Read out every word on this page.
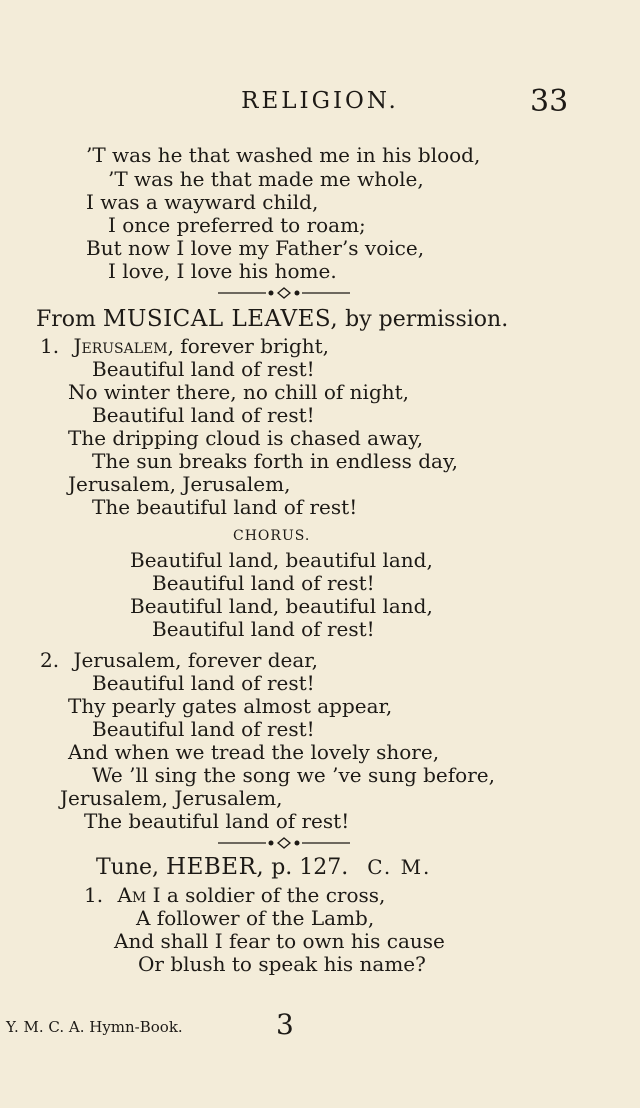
RELIGION.	33
’T was he that washed me in his blood,
’T was he that made me whole,
I was a wayward child,
I once preferred to roam;
But now I love my Father’s voice,
I love, I love his home.
From MUSICAL LEAVES, by permission.
1. Jerusalem, forever bright,
Beautiful land of rest!
No winter there, no chill of night,
Beautiful land of rest!
The dripping cloud is chased away,
The sun breaks forth in endless day,
Jerusalem, Jerusalem,
The beautiful land of rest!
CHORUS.
Beautiful land, beautiful land,
Beautiful land of rest!
Beautiful land, beautiful land,
Beautiful land of rest!
2. Jerusalem, forever dear,
Beautiful land of rest!
Thy pearly gates almost appear,
Beautiful land of rest!
And when we tread the lovely shore,
We ’ll sing the song we ’ve sung before,
Jerusalem, Jerusalem,
The beautiful land of rest!
Tune, HEBER, p. 127. C. M.
1. Am I a soldier of the cross,
A follower of the Lamb,
And shall I fear to own his cause
Or blush to speak his name?
Y. M. C. A. Hymn-Book.	3
